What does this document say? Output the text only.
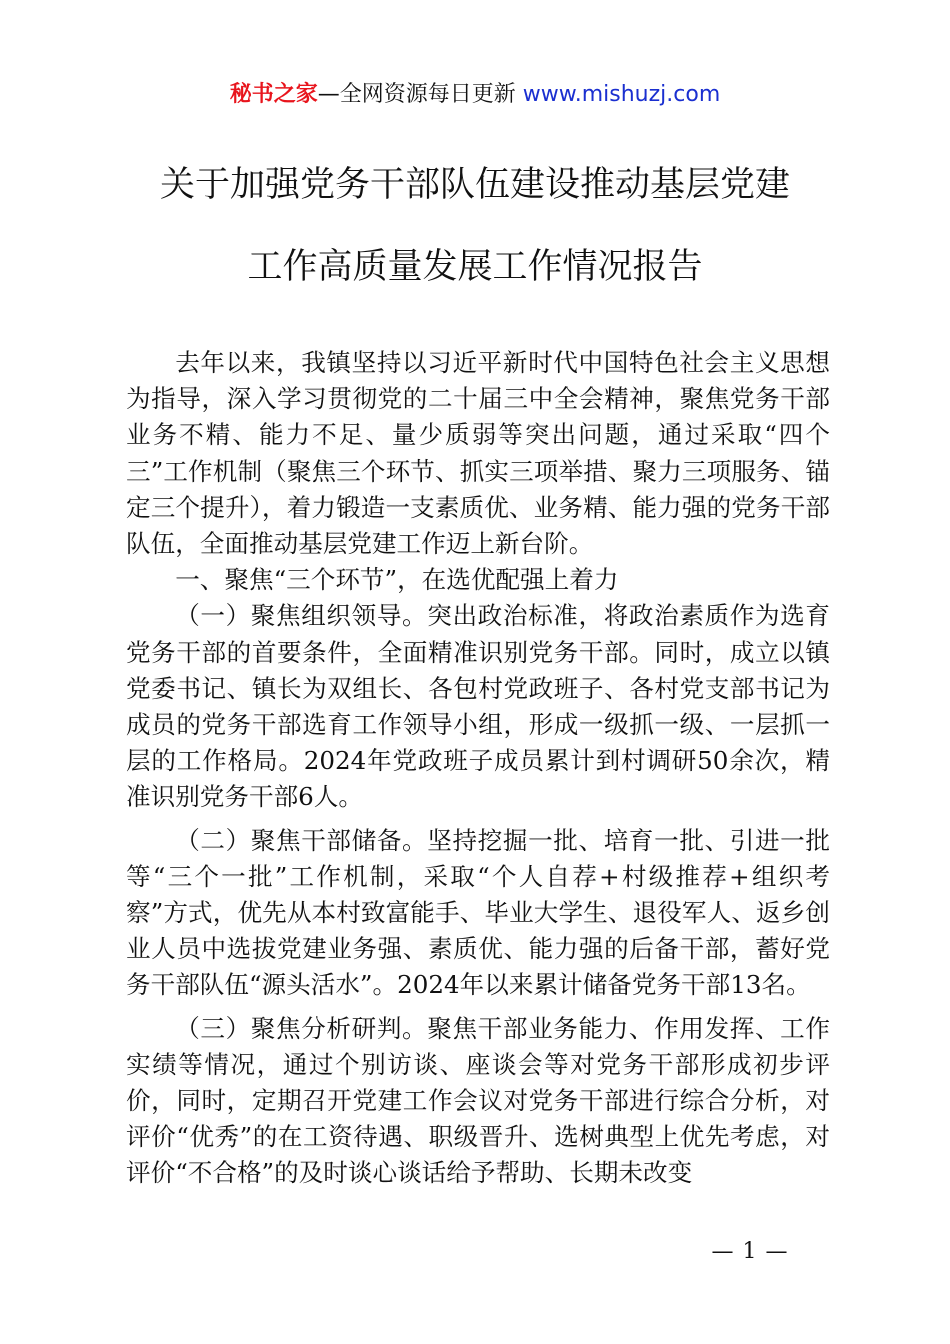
秘书之家—全网资源每日更新 www.mishuzj.com
关于加强党务干部队伍建设推动基层党建
工作高质量发展工作情况报告

去年以来，我镇坚持以习近平新时代中国特色社会主义思想为指导，深入学习贯彻党的二十届三中全会精神，聚焦党务干部业务不精、能力不足、量少质弱等突出问题，通过采取“四个三”工作机制（聚焦三个环节、抓实三项举措、聚力三项服务、锚定三个提升），着力锻造一支素质优、业务精、能力强的党务干部队伍，全面推动基层党建工作迈上新台阶。

一、聚焦“三个环节”，在选优配强上着力

（一）聚焦组织领导。突出政治标准，将政治素质作为选育党务干部的首要条件，全面精准识别党务干部。同时，成立以镇党委书记、镇长为双组长、各包村党政班子、各村党支部书记为成员的党务干部选育工作领导小组，形成一级抓一级、一层抓一层的工作格局。2024年党政班子成员累计到村调研50余次，精准识别党务干部6人。

（二）聚焦干部储备。坚持挖掘一批、培育一批、引进一批等“三个一批”工作机制，采取“个人自荐+村级推荐+组织考察”方式，优先从本村致富能手、毕业大学生、退役军人、返乡创业人员中选拔党建业务强、素质优、能力强的后备干部，蓄好党务干部队伍“源头活水”。2024年以来累计储备党务干部13名。

（三）聚焦分析研判。聚焦干部业务能力、作用发挥、工作实绩等情况，通过个别访谈、座谈会等对党务干部形成初步评价，同时，定期召开党建工作会议对党务干部进行综合分析，对评价“优秀”的在工资待遇、职级晋升、选树典型上优先考虑，对评价“不合格”的及时谈心谈话给予帮助、长期未改变

— 1 —
